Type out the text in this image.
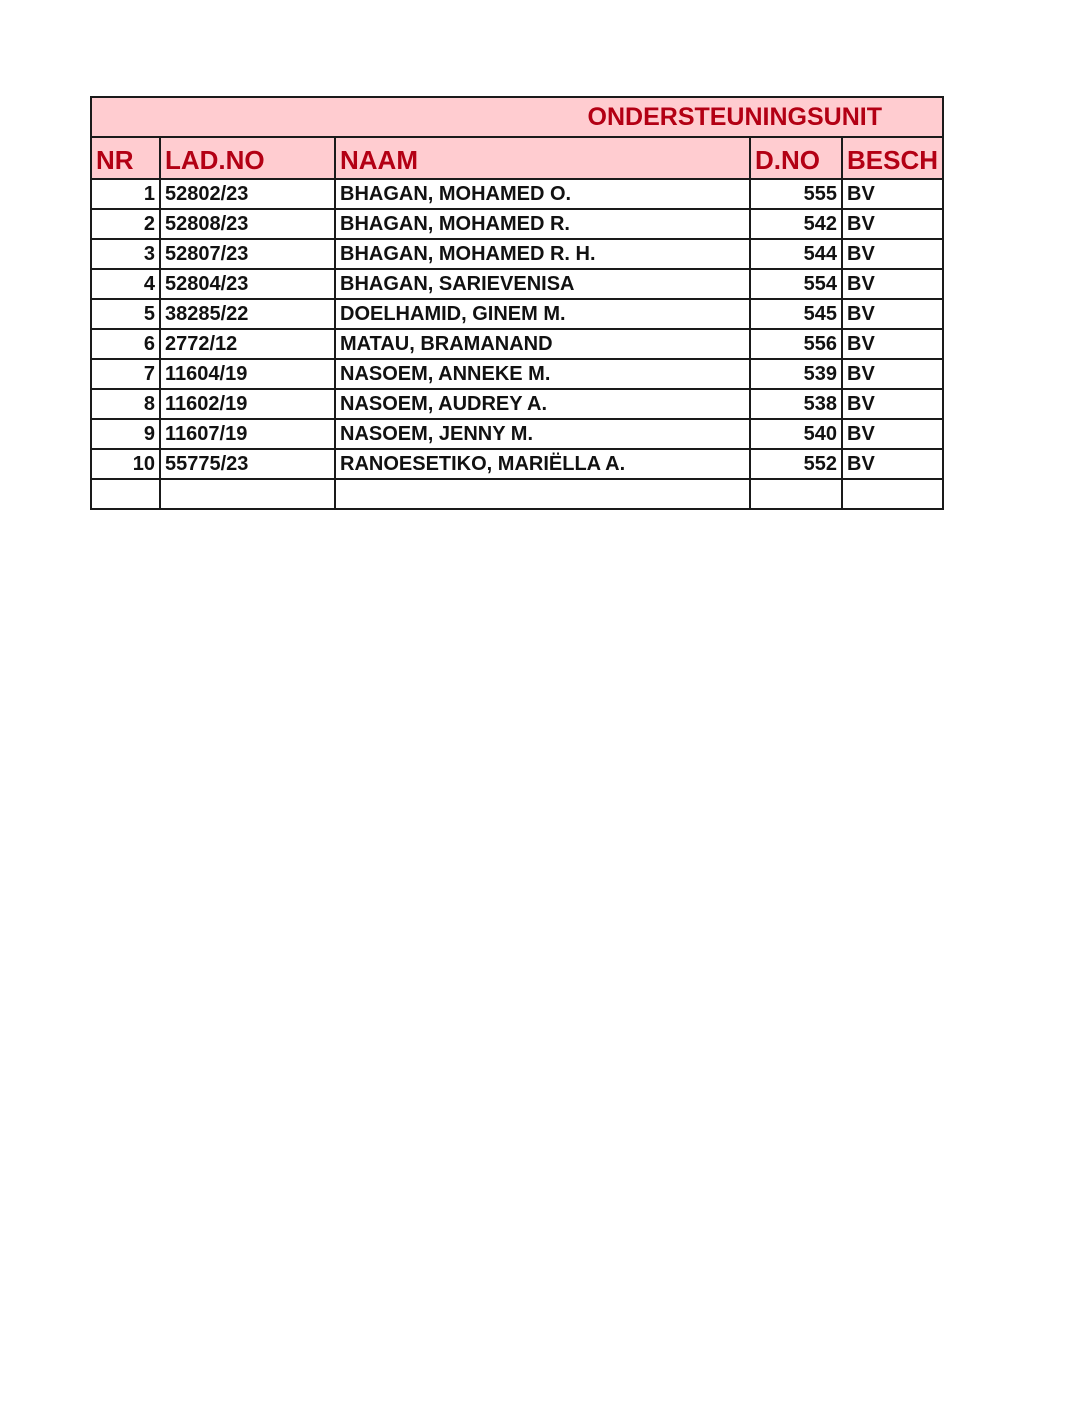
ONDERSTEUNINGSUNIT				
NR	LAD.NO	NAAM	D.NO	BESCH
1	52802/23	BHAGAN, MOHAMED O.	555	BV
2	52808/23	BHAGAN, MOHAMED R.	542	BV
3	52807/23	BHAGAN, MOHAMED R. H.	544	BV
4	52804/23	BHAGAN, SARIEVENISA	554	BV
5	38285/22	DOELHAMID, GINEM M.	545	BV
6	2772/12	MATAU, BRAMANAND	556	BV
7	11604/19	NASOEM, ANNEKE M.	539	BV
8	11602/19	NASOEM, AUDREY A.	538	BV
9	11607/19	NASOEM, JENNY M.	540	BV
10	55775/23	RANOESETIKO, MARIËLLA A.	552	BV
